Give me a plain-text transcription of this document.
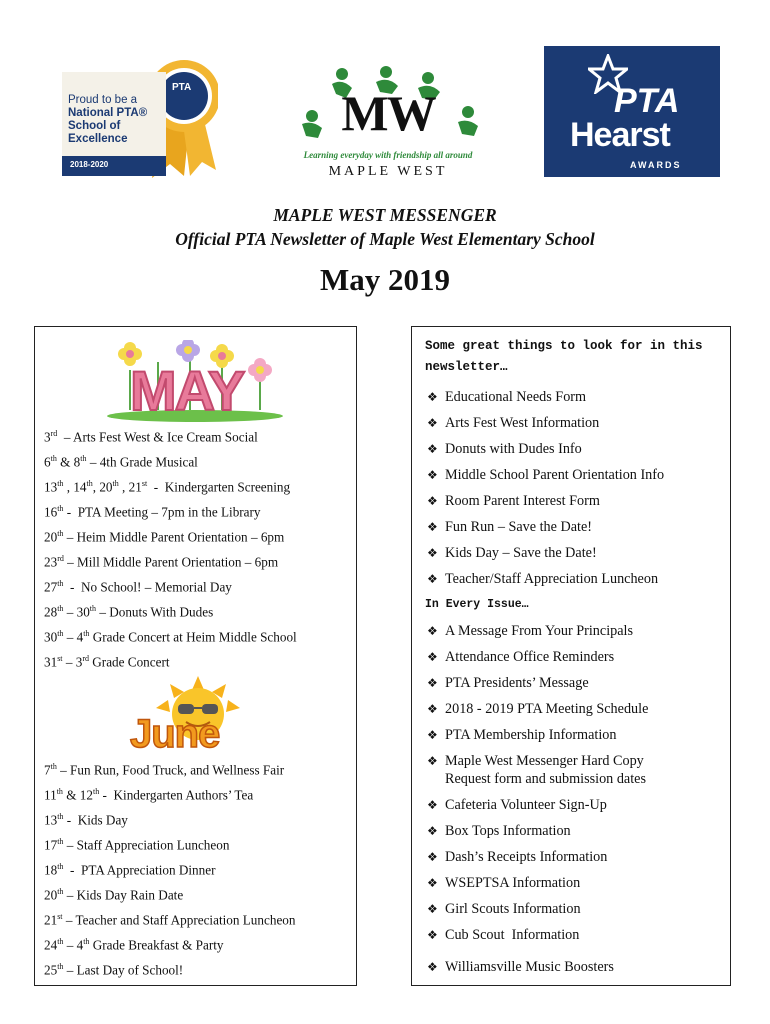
PTA
Proud to be a
National PTA®
School of
Excellence
2018-2020
MW
Learning everyday with friendship all around
MAPLE WEST
PTA
Hearst
AWARDS
MAPLE WEST MESSENGER
Official PTA Newsletter of Maple West Elementary School
May 2019
MAY
3rd  – Arts Fest West & Ice Cream Social
6th & 8th – 4th Grade Musical
13th , 14th, 20th , 21st  -  Kindergarten Screening
16th -  PTA Meeting – 7pm in the Library
20th – Heim Middle Parent Orientation – 6pm
23rd – Mill Middle Parent Orientation – 6pm
27th  -  No School! – Memorial Day
28th – 30th – Donuts With Dudes
30th – 4th Grade Concert at Heim Middle School
31st – 3rd Grade Concert
June
7th – Fun Run, Food Truck, and Wellness Fair
11th & 12th -  Kindergarten Authors’ Tea
13th -  Kids Day
17th – Staff Appreciation Luncheon
18th  -  PTA Appreciation Dinner
20th – Kids Day Rain Date
21st – Teacher and Staff Appreciation Luncheon
24th – 4th Grade Breakfast & Party
25th – Last Day of School!
Some great things to look for in this
newsletter…
❖ Educational Needs Form
❖ Arts Fest West Information
❖ Donuts with Dudes Info
❖ Middle School Parent Orientation Info
❖ Room Parent Interest Form
❖ Fun Run – Save the Date!
❖ Kids Day – Save the Date!
❖ Teacher/Staff Appreciation Luncheon
In Every Issue…
❖ A Message From Your Principals
❖ Attendance Office Reminders
❖ PTA Presidents’ Message
❖ 2018 - 2019 PTA Meeting Schedule
❖ PTA Membership Information
❖ Maple West Messenger Hard Copy
Request form and submission dates
❖ Cafeteria Volunteer Sign-Up
❖ Box Tops Information
❖ Dash’s Receipts Information
❖ WSEPTSA Information
❖ Girl Scouts Information
❖ Cub Scout  Information
❖ Williamsville Music Boosters
